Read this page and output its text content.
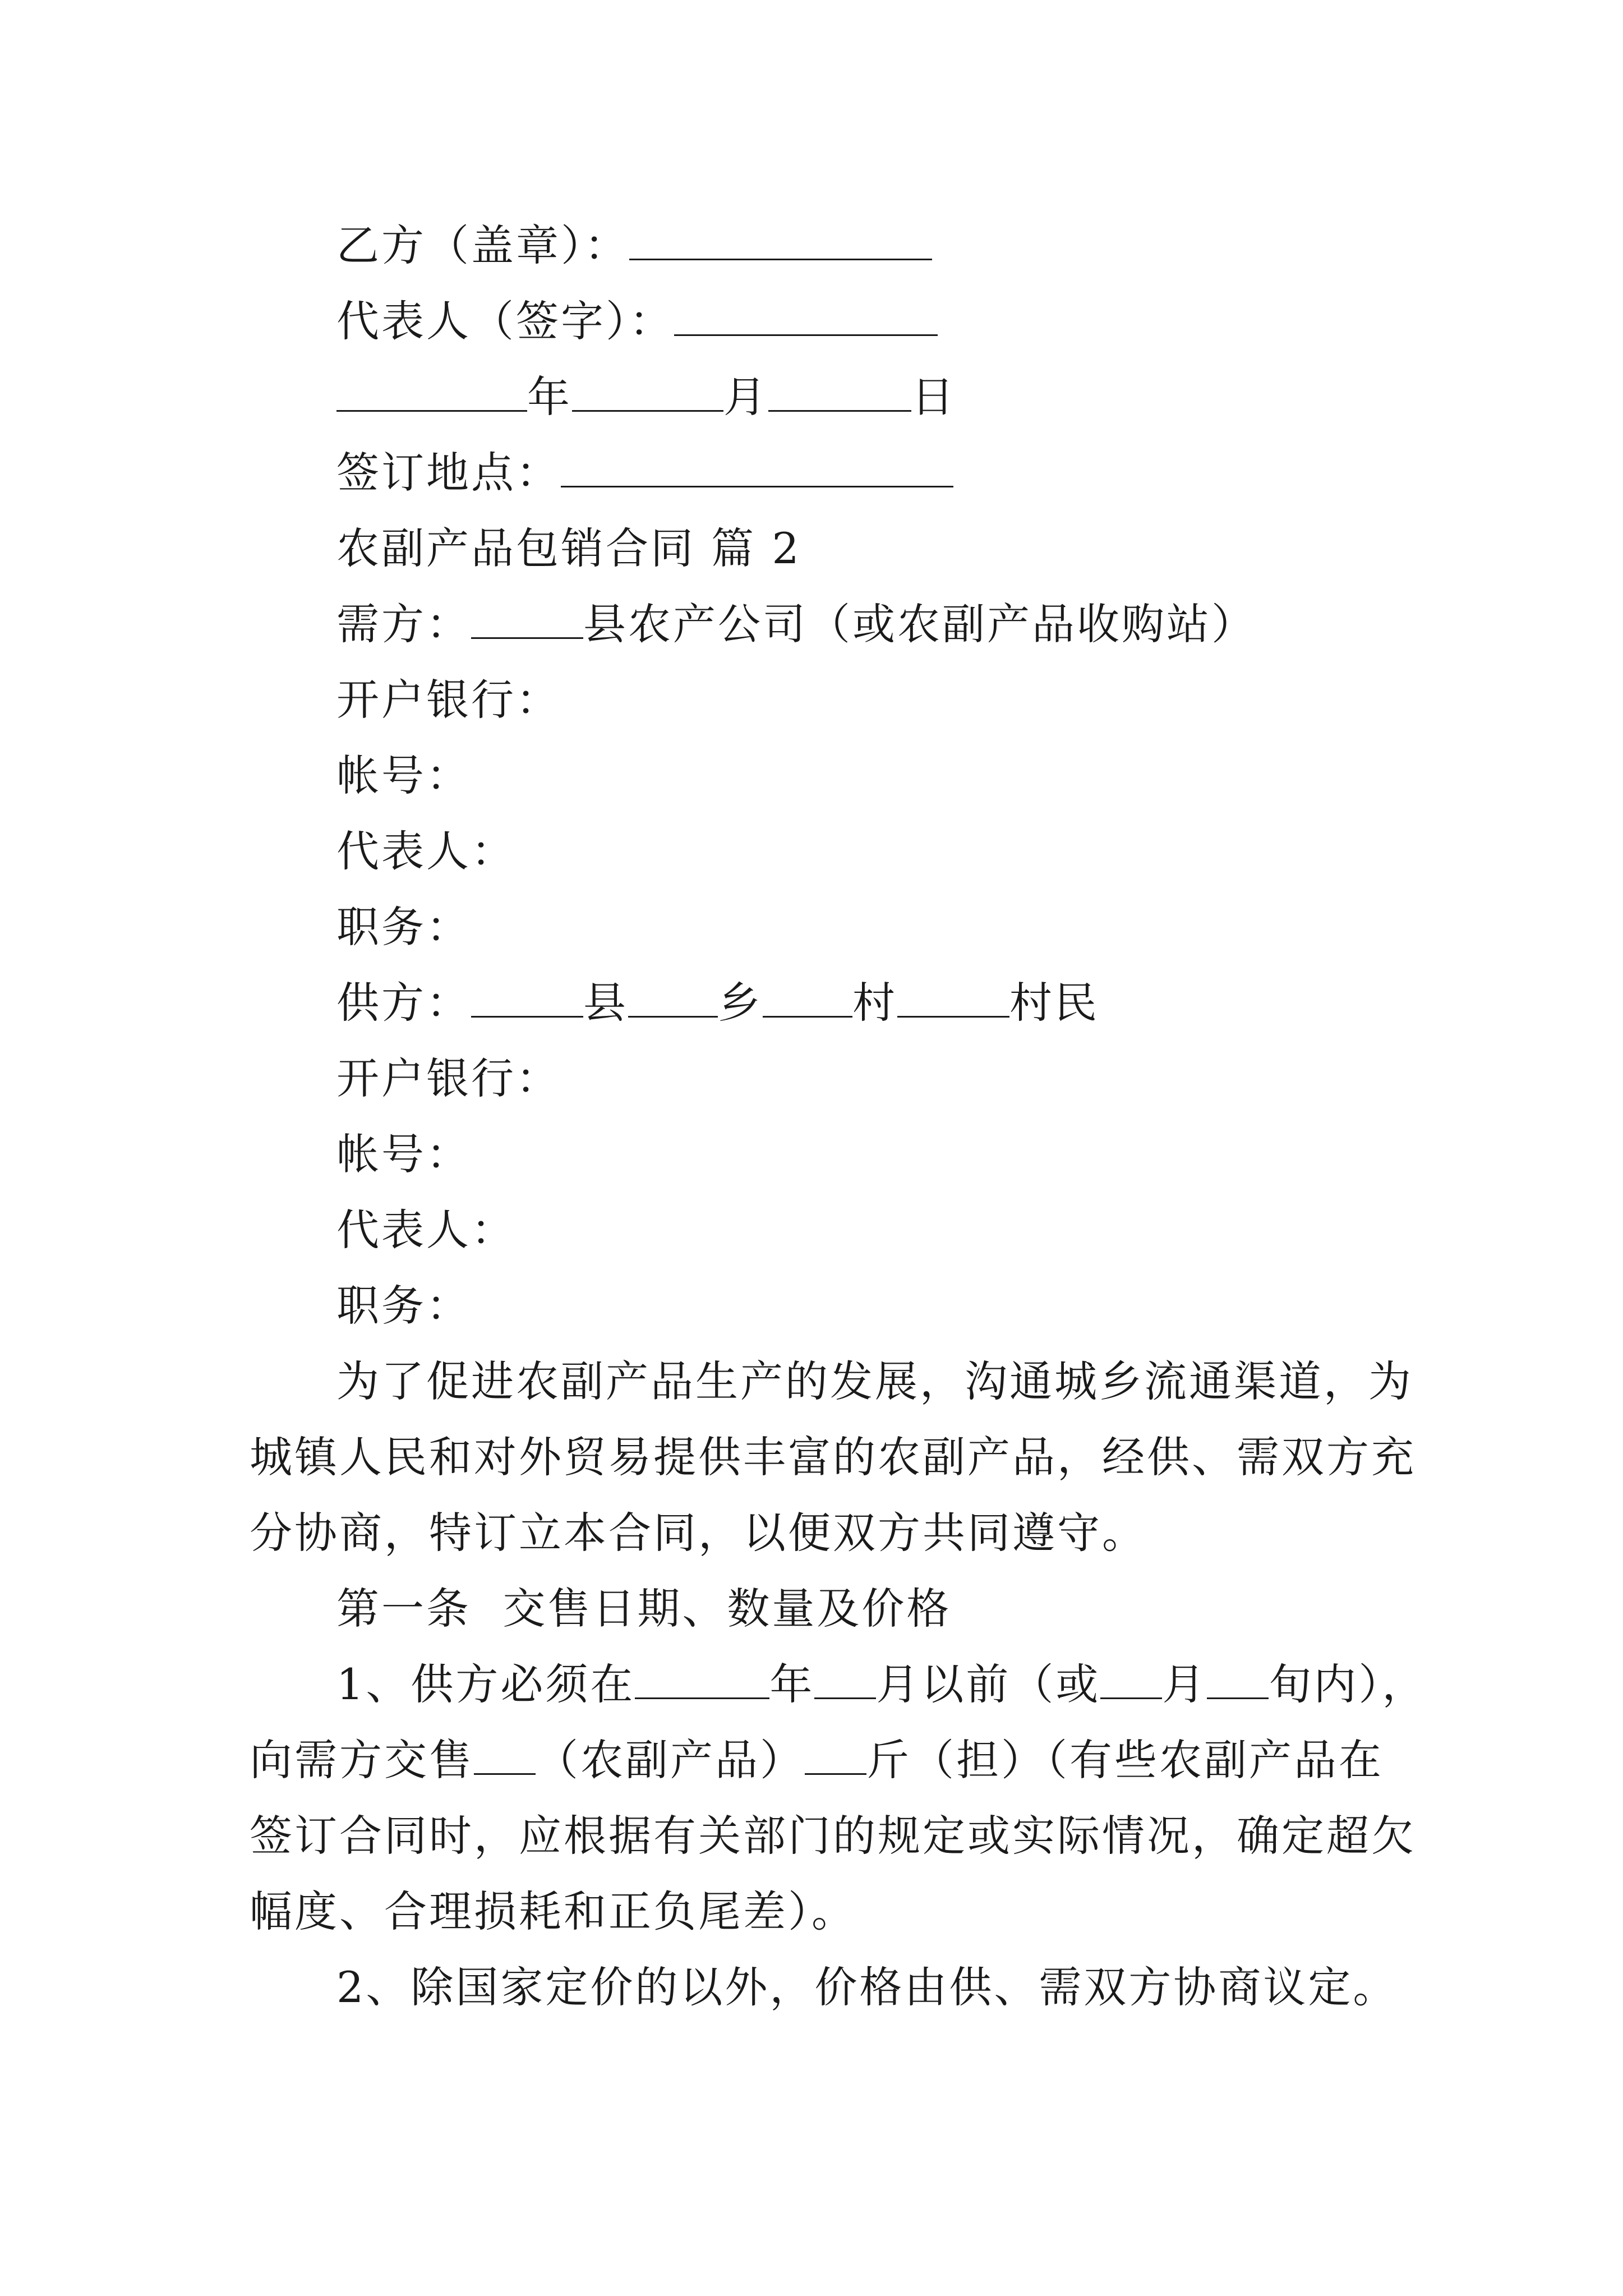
乙方（盖章）：
代表人（签字）：
年	月	日
签订地点：
农副产品包销合同 篇 2
需方：	县农产公司（或农副产品收购站）
开户银行：
帐号：
代表人：
职务：
供方：	县 乡 村	村民
开户银行：
帐号：
代表人：
职务：
为了促进农副产品生产的发展，沟通城乡流通渠道，为
城镇人民和对外贸易提供丰富的农副产品，经供、需双方充
分协商，特订立本合同，以便双方共同遵守。
第一条  交售日期、数量及价格
1、供方必须在	年 月以前（或 月 旬内），
向需方交售 （农副产品） 斤（担）（有些农副产品在
签订合同时，应根据有关部门的规定或实际情况，确定超欠
幅度、合理损耗和正负尾差）。
2、除国家定价的以外，价格由供、需双方协商议定。
